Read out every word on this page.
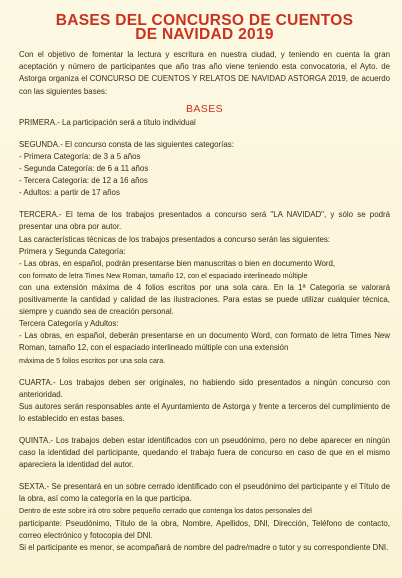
BASES DEL CONCURSO DE CUENTOS
DE NAVIDAD 2019

Con el objetivo de fomentar la lectura y escritura en nuestra ciudad, y teniendo en cuenta la gran aceptación y número de participantes que año tras año viene teniendo esta convocatoria, el Ayto. de Astorga organiza el CONCURSO DE CUENTOS Y RELATOS DE NAVIDAD ASTORGA 2019, de acuerdo con las siguientes bases:

BASES
PRIMERA.- La participación será a título individual
SEGUNDA.- El concurso consta de las siguientes categorías:
- Primera Categoría: de 3 a 5 años
- Segunda Categoría: de 6 a 11 años
- Tercera Categoría: de 12 a 16 años
- Adultos: a partir de 17 años
TERCERA.- El tema de los trabajos presentados a concurso será "LA NAVIDAD", y sólo se podrá presentar una obra por autor.
Las características técnicas de los trabajos presentados a concurso serán las siguientes:
Primera y Segunda Categoría:
- Las obras, en español, podrán presentarse bien manuscritas o bien en documento Word,
con formato de letra Times New Roman, tamaño 12, con el espaciado interlineado múltiple
con una extensión máxima de 4 folios escritos por una sola cara. En la 1ª Categoría se valorará positivamente la cantidad y calidad de las ilustraciones. Para estas se puede utilizar cualquier técnica, siempre y cuando sea de creación personal.
Tercera Categoría y Adultos:
- Las obras, en español, deberán presentarse en un documento Word, con formato de letra Times New Roman, tamaño 12, con el espaciado interlineado múltiple con una extensión
máxima de 5 folios escritos por una sola cara.
CUARTA.- Los trabajos deben ser originales, no habiendo sido presentados a ningún concurso con anterioridad.
Sus autores serán responsables ante el Ayuntamiento de Astorga y frente a terceros del cumplimiento de lo establecido en estas bases.
QUINTA.- Los trabajos deben estar identificados con un pseudónimo, pero no debe aparecer en ningún caso la identidad del participante, quedando el trabajo fuera de concurso en caso de que en el mismo apareciera la identidad del autor.
SEXTA.- Se presentará en un sobre cerrado identificado con el pseudónimo del participante y el Título de la obra, así como la categoría en la que participa.
Dentro de este sobre irá otro sobre pequeño cerrado que contenga los datos personales del
participante: Pseudónimo, Título de la obra, Nombre, Apellidos, DNI, Dirección, Teléfono de contacto, correo electrónico y fotocopia del DNI.
Si el participante es menor, se acompañará de nombre del padre/madre o tutor y su correspondiente DNI.
